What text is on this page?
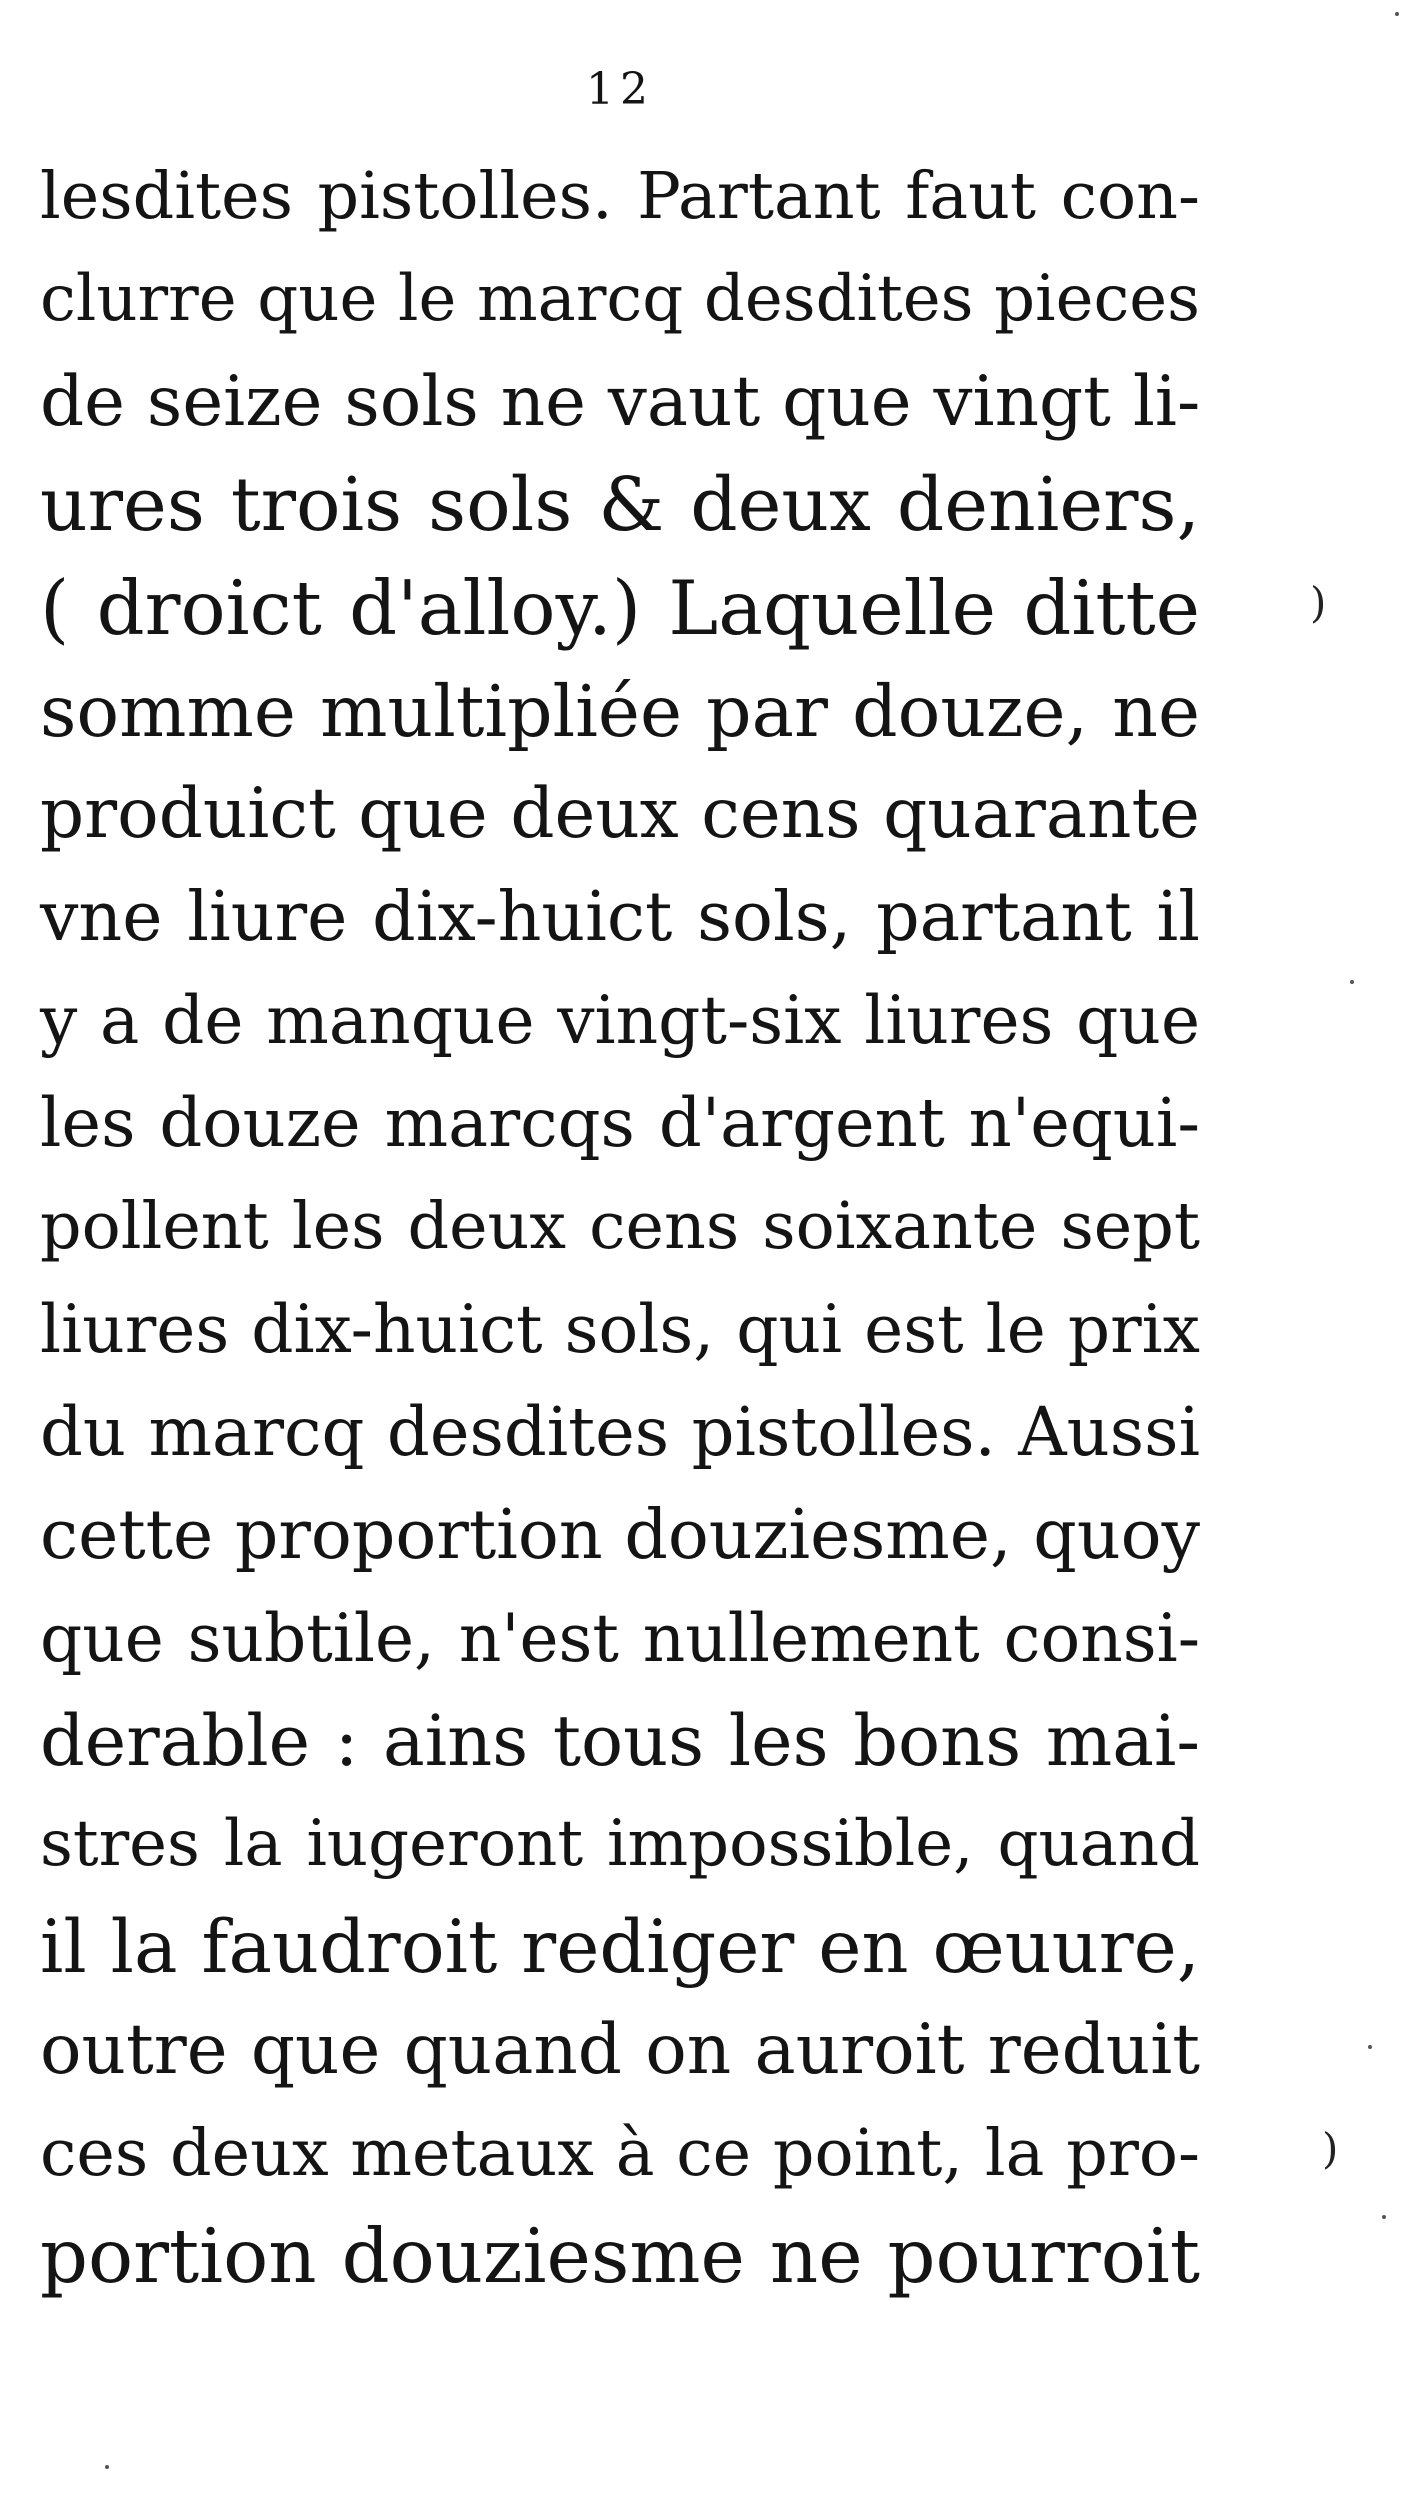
12
lesdites pistolles. Partant faut con-
clurre que le marcq desdites pieces
de seize sols ne vaut que vingt li-
ures trois sols & deux deniers,
( droict d'alloy.) Laquelle ditte
somme multipliée par douze, ne
produict que deux cens quarante
vne liure dix-huict sols, partant il
y a de manque vingt-six liures que
les douze marcqs d'argent n'equi-
pollent les deux cens soixante sept
liures dix-huict sols, qui est le prix
du marcq desdites pistolles. Aussi
cette proportion douziesme, quoy
que subtile, n'est nullement consi-
derable : ains tous les bons mai-
stres la iugeront impossible, quand
il la faudroit rediger en œuure,
outre que quand on auroit reduit
ces deux metaux à ce point, la pro-
portion douziesme ne pourroit
)
)
